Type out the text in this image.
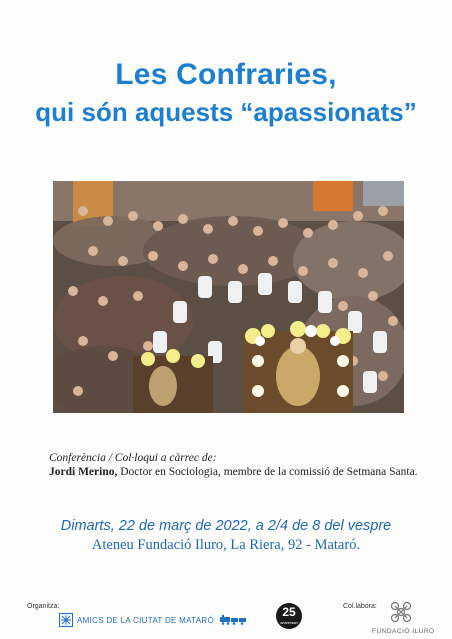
Les Confraries,
qui són aquests “apassionats”
Conferència / Col·loqui a càrrec de:
Jordi Merino, Doctor en Sociologia, membre de la comissió de Setmana Santa.
Dimarts, 22 de març de 2022, a 2/4 de 8 del vespre
Ateneu Fundació Iluro, La Riera, 92 - Mataró.
Organitza:
AMICS DE LA CIUTAT DE MATARÓ
25
aniversari
Col.labora:
FUNDACIÓ ILURO
